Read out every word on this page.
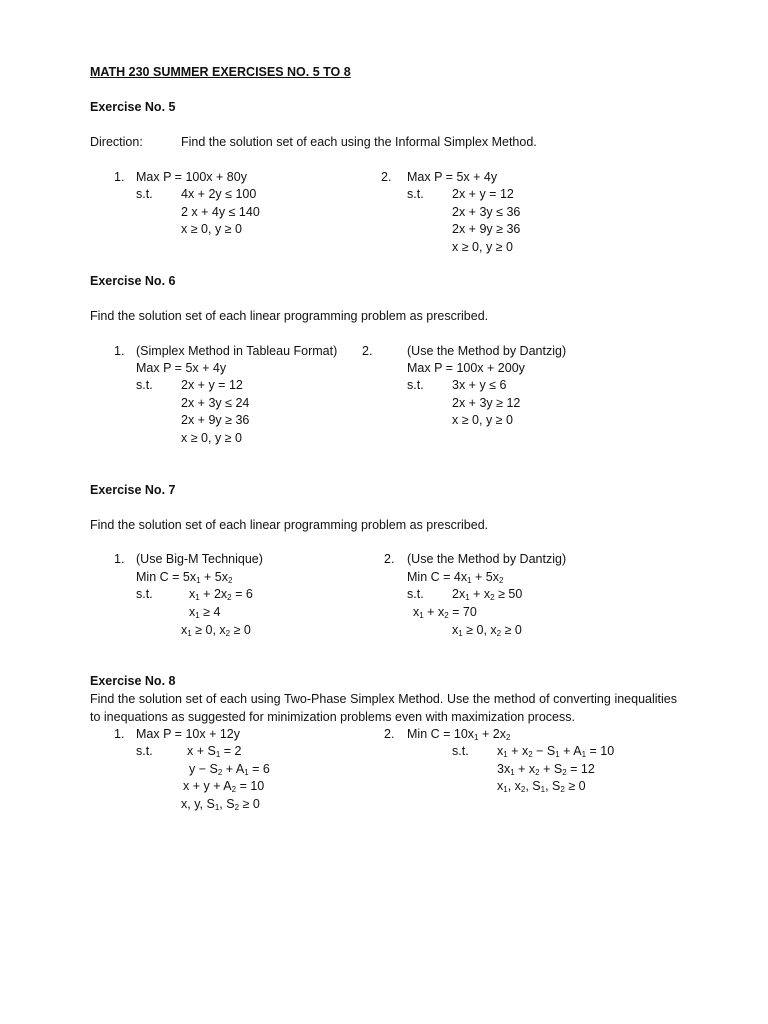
MATH 230 SUMMER EXERCISES NO. 5 TO 8
Exercise No. 5
Direction:	Find the solution set of each using the Informal Simplex Method.
1. Max P = 100x + 80y
s.t. 4x + 2y ≤ 100
2 x + 4y ≤ 140
x ≥ 0, y ≥ 0
2. Max P = 5x + 4y
s.t. 2x + y = 12
2x + 3y ≤ 36
2x + 9y ≥ 36
x ≥ 0, y ≥ 0
Exercise No. 6
Find the solution set of each linear programming problem as prescribed.
1. (Simplex Method in Tableau Format)
Max P = 5x + 4y
s.t. 2x + y = 12
2x + 3y ≤ 24
2x + 9y ≥ 36
x ≥ 0, y ≥ 0
2.	(Use the Method by Dantzig)
Max P = 100x + 200y
s.t. 3x + y ≤ 6
2x + 3y ≥ 12
x ≥ 0, y ≥ 0
Exercise No. 7
Find the solution set of each linear programming problem as prescribed.
1. (Use Big-M Technique)
Min $C = 5x_1 + 5x_2$
s.t.	$x_1 + 2x_2 = 6$
$x_1 \ge 4$
$x_1 \ge 0$, $x_2 \ge 0$
2. (Use the Method by Dantzig)
Min $C = 4x_1 + 5x_2$
s.t. $2x_1 + x_2 \ge 50$
$x_1 + x_2 = 70$
$x_1 \ge 0$, $x_2 \ge 0$
Exercise No. 8
Find the solution set of each using Two-Phase Simplex Method. Use the method of converting inequalities to inequations as suggested for minimization problems even with maximization process.
1. Max P = 10x + 12y
s.t.	$x + S_1 = 2$
$y - S_2 + A_1 = 6$
$x + y + A_2 = 10$
x, y, $S_1$, $S_2 \ge 0$
2. Min $C = 10x_1 + 2x_2$
s.t. $x_1 + x_2 - S_1 + A_1 = 10$
$3x_1 + x_2 + S_2 = 12$
$x_1$, $x_2$, $S_1$, $S_2 \ge 0$
